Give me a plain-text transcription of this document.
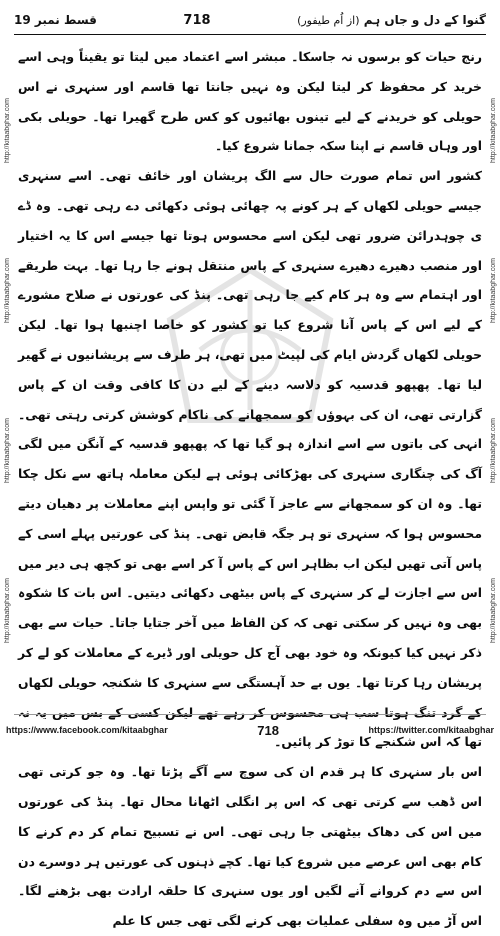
قسط نمبر 19	718	گنوا کے دل و جاں ہم (از اُم طیفور)
http://kitaabghar.com
http://kitaabghar.com
http://kitaabghar.com
http://kitaabghar.com
http://kitaabghar.com
http://kitaabghar.com
http://kitaabghar.com
http://kitaabghar.com

رنج حیات کو برسوں نہ جاسکا۔ مبشر اسے اعتماد میں لیتا تو یقیناً وہی اسے خرید کر محفوظ کر لیتا لیکن وہ نہیں جانتا تھا قاسم اور سنہری نے اس حویلی کو خریدنے کے لیے تینوں بھائیوں کو کس طرح گھیرا تھا۔ حویلی بکی اور وہاں قاسم نے اپنا سکہ جمانا شروع کیا۔

کشور اس تمام صورت حال سے الگ پریشان اور خائف تھی۔ اسے سنہری جیسے حویلی لکھاں کے ہر کونے پہ چھائی ہوئی دکھائی دے رہی تھی۔ وہ ڈے ی چوہدرائن ضرور تھی لیکن اسے محسوس ہوتا تھا جیسے اس کا یہ اختیار اور منصب دھیرے دھیرے سنہری کے پاس منتقل ہونے جا رہا تھا۔ بہت طریقے اور اہتمام سے وہ ہر کام کیے جا رہی تھی۔ پنڈ کی عورتوں نے صلاح مشورے کے لیے اس کے پاس آنا شروع کیا تو کشور کو خاصا اچنبھا ہوا تھا۔ لیکن حویلی لکھاں گردش ایام کی لپیٹ میں تھی، ہر طرف سے پریشانیوں نے گھیر لیا تھا۔ پھپھو قدسیہ کو دلاسہ دینے کے لیے دن کا کافی وقت ان کے پاس گزارتی تھی، ان کی بہوؤں کو سمجھانے کی ناکام کوشش کرتی رہتی تھی۔ انہی کی باتوں سے اسے اندازہ ہو گیا تھا کہ پھپھو قدسیہ کے آنگن میں لگی آگ کی چنگاری سنہری کی بھڑکائی ہوئی ہے لیکن معاملہ ہاتھ سے نکل چکا تھا۔ وہ ان کو سمجھانے سے عاجز آ گئی تو واپس اپنے معاملات پر دھیان دیتے محسوس ہوا کہ سنہری تو ہر جگہ قابض تھی۔ پنڈ کی عورتیں پہلے اسی کے پاس آتی تھیں لیکن اب بظاہر اس کے پاس آ کر اسے بھی تو کچھ ہی دیر میں اس سے اجازت لے کر سنہری کے پاس بیٹھی دکھائی دیتیں۔ اس بات کا شکوہ بھی وہ نہیں کر سکتی تھی کہ کن الفاظ میں آخر جتایا جاتا۔ حیات سے بھی ذکر نہیں کیا کیونکہ وہ خود بھی آج کل حویلی اور ڈیرے کے معاملات کو لے کر پریشان رہا کرتا تھا۔ یوں بے حد آہستگی سے سنہری کا شکنجہ حویلی لکھاں کے گرد تنگ ہوتا سب ہی محسوس کر رہے تھے لیکن کسی کے بس میں یہ نہ تھا کہ اس شکنجے کا توڑ کر پائیں۔

اس بار سنہری کا ہر قدم ان کی سوچ سے آگے پڑتا تھا۔ وہ جو کرتی تھی اس ڈھب سے کرتی تھی کہ اس پر انگلی اٹھانا محال تھا۔ پنڈ کی عورتوں میں اس کی دھاک بیٹھتی جا رہی تھی۔ اس نے تسبیح تمام کر دم کرنے کا کام بھی اس عرصے میں شروع کیا تھا۔ کچے ذہنوں کی عورتیں ہر دوسرے دن اس سے دم کروانے آنے لگیں اور یوں سنہری کا حلقہ ارادت بھی بڑھنے لگا۔ اس آڑ میں وہ سفلی عملیات بھی کرنے لگی تھی جس کا علم

https://www.facebook.com/kitaabghar	718	https://twitter.com/kitaabghar
